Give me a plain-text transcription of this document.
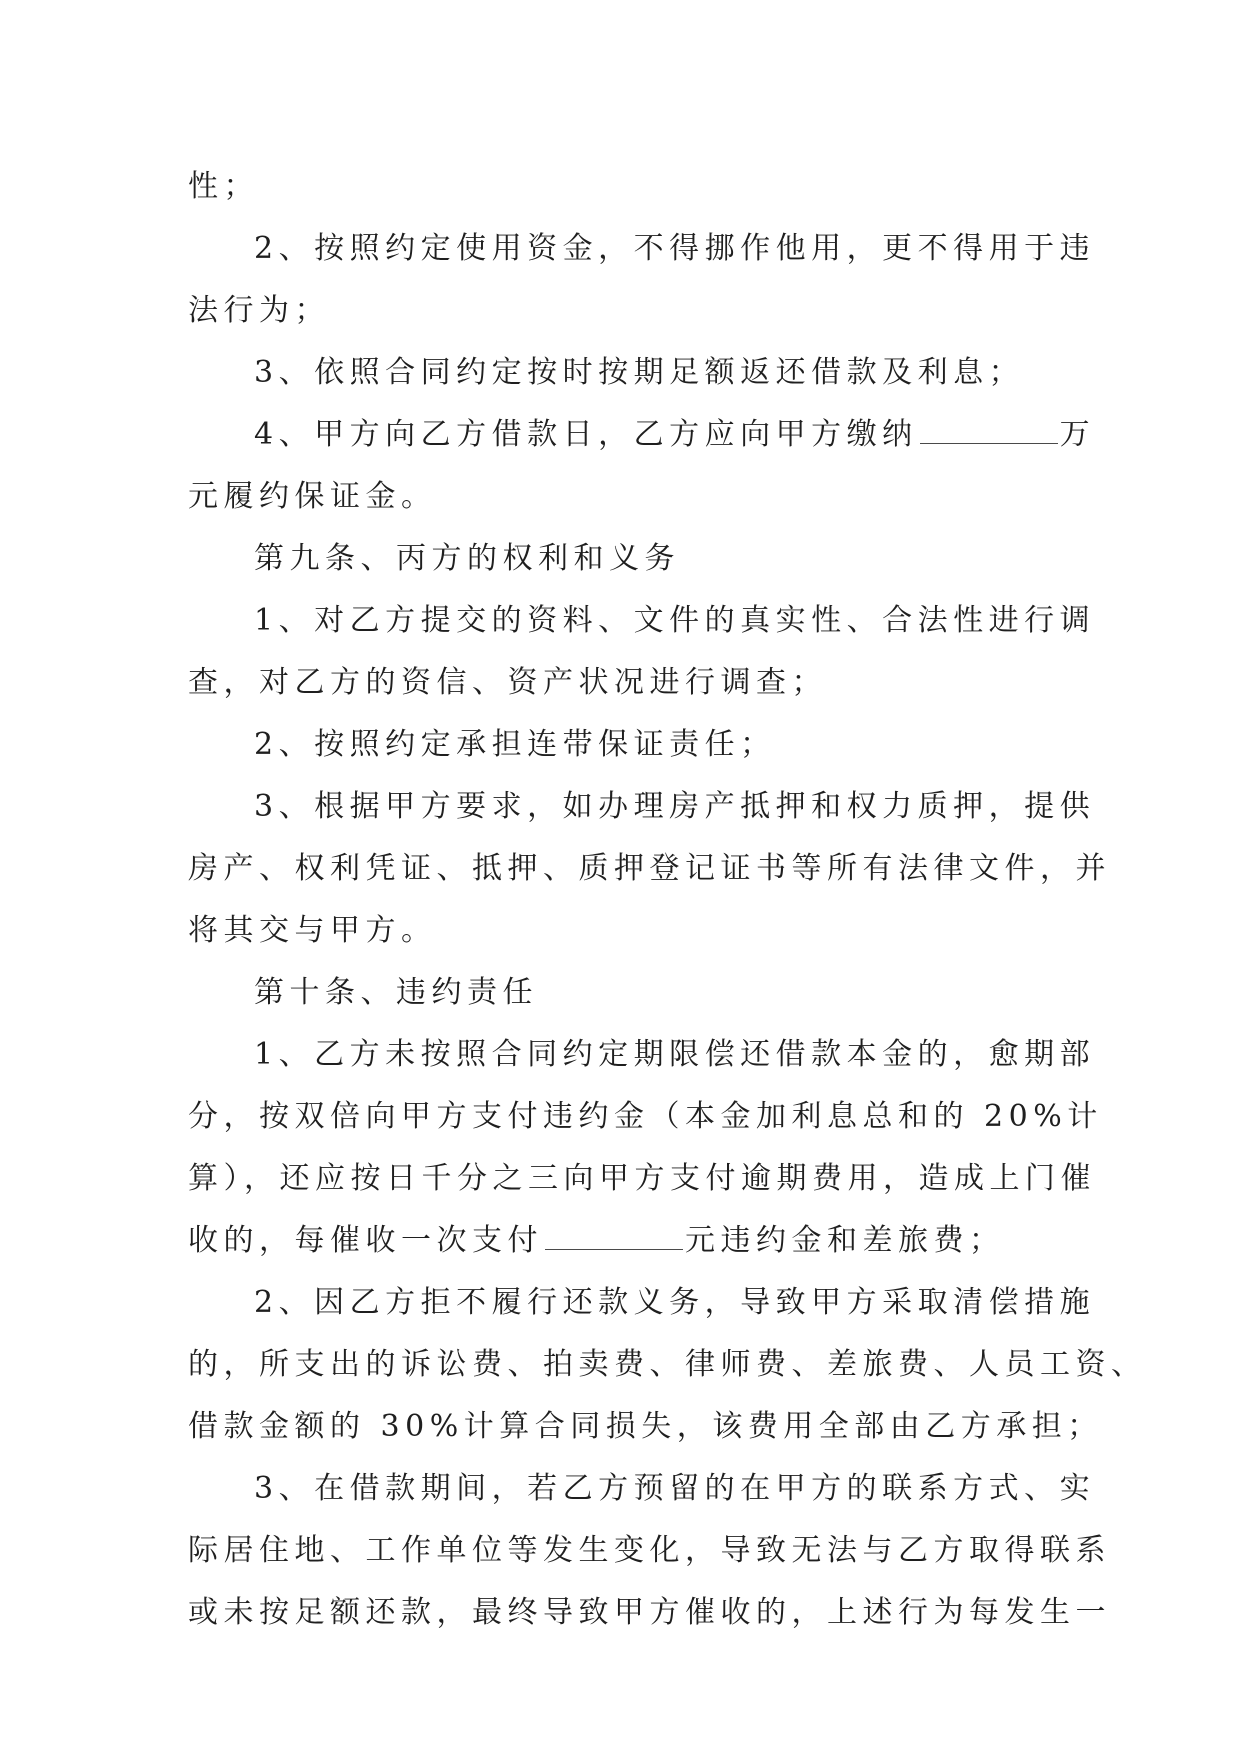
性；
2、按照约定使用资金，不得挪作他用，更不得用于违
法行为；
3、依照合同约定按时按期足额返还借款及利息；
4、甲方向乙方借款日，乙方应向甲方缴纳	万
元履约保证金。
第九条、丙方的权利和义务
1、对乙方提交的资料、文件的真实性、合法性进行调
查，对乙方的资信、资产状况进行调查；
2、按照约定承担连带保证责任；
3、根据甲方要求，如办理房产抵押和权力质押，提供
房产、权利凭证、抵押、质押登记证书等所有法律文件，并
将其交与甲方。
第十条、违约责任
1、乙方未按照合同约定期限偿还借款本金的，愈期部
分，按双倍向甲方支付违约金（本金加利息总和的 20%计
算），还应按日千分之三向甲方支付逾期费用，造成上门催
收的，每催收一次支付	元违约金和差旅费；
2、因乙方拒不履行还款义务，导致甲方采取清偿措施
的，所支出的诉讼费、拍卖费、律师费、差旅费、人员工资、
借款金额的 30%计算合同损失，该费用全部由乙方承担；
3、在借款期间，若乙方预留的在甲方的联系方式、实
际居住地、工作单位等发生变化，导致无法与乙方取得联系
或未按足额还款，最终导致甲方催收的，上述行为每发生一
